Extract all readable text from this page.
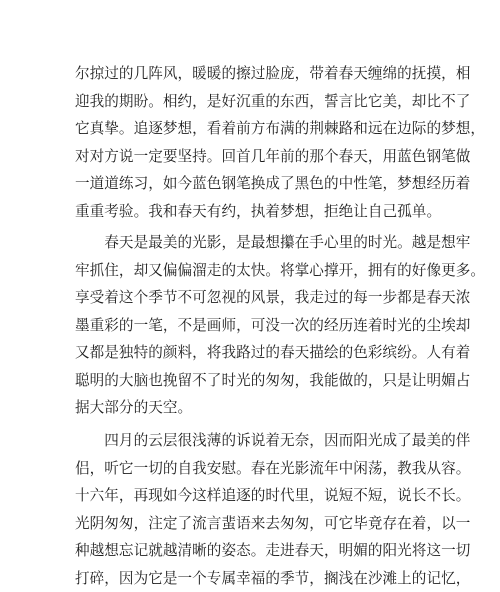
尔掠过的几阵风，暖暖的擦过脸庞，带着春天缠绵的抚摸，相
迎我的期盼。相约，是好沉重的东西，誓言比它美，却比不了
它真挚。追逐梦想，看着前方布满的荆棘路和远在边际的梦想，
对对方说一定要坚持。回首几年前的那个春天，用蓝色钢笔做
一道道练习，如今蓝色钢笔换成了黑色的中性笔，梦想经历着
重重考验。我和春天有约，执着梦想，拒绝让自己孤单。
　　春天是最美的光影，是最想攥在手心里的时光。越是想牢
牢抓住，却又偏偏溜走的太快。将掌心撑开，拥有的好像更多。
享受着这个季节不可忽视的风景，我走过的每一步都是春天浓
墨重彩的一笔，不是画师，可没一次的经历连着时光的尘埃却
又都是独特的颜料，将我路过的春天描绘的色彩缤纷。人有着
聪明的大脑也挽留不了时光的匆匆，我能做的，只是让明媚占
据大部分的天空。
　　四月的云层很浅薄的诉说着无奈，因而阳光成了最美的伴
侣，听它一切的自我安慰。春在光影流年中闲荡，教我从容。
十六年，再现如今这样追逐的时代里，说短不短，说长不长。
光阴匆匆，注定了流言蜚语来去匆匆，可它毕竟存在着，以一
种越想忘记就越清晰的姿态。走进春天，明媚的阳光将这一切
打碎，因为它是一个专属幸福的季节，搁浅在沙滩上的记忆，
